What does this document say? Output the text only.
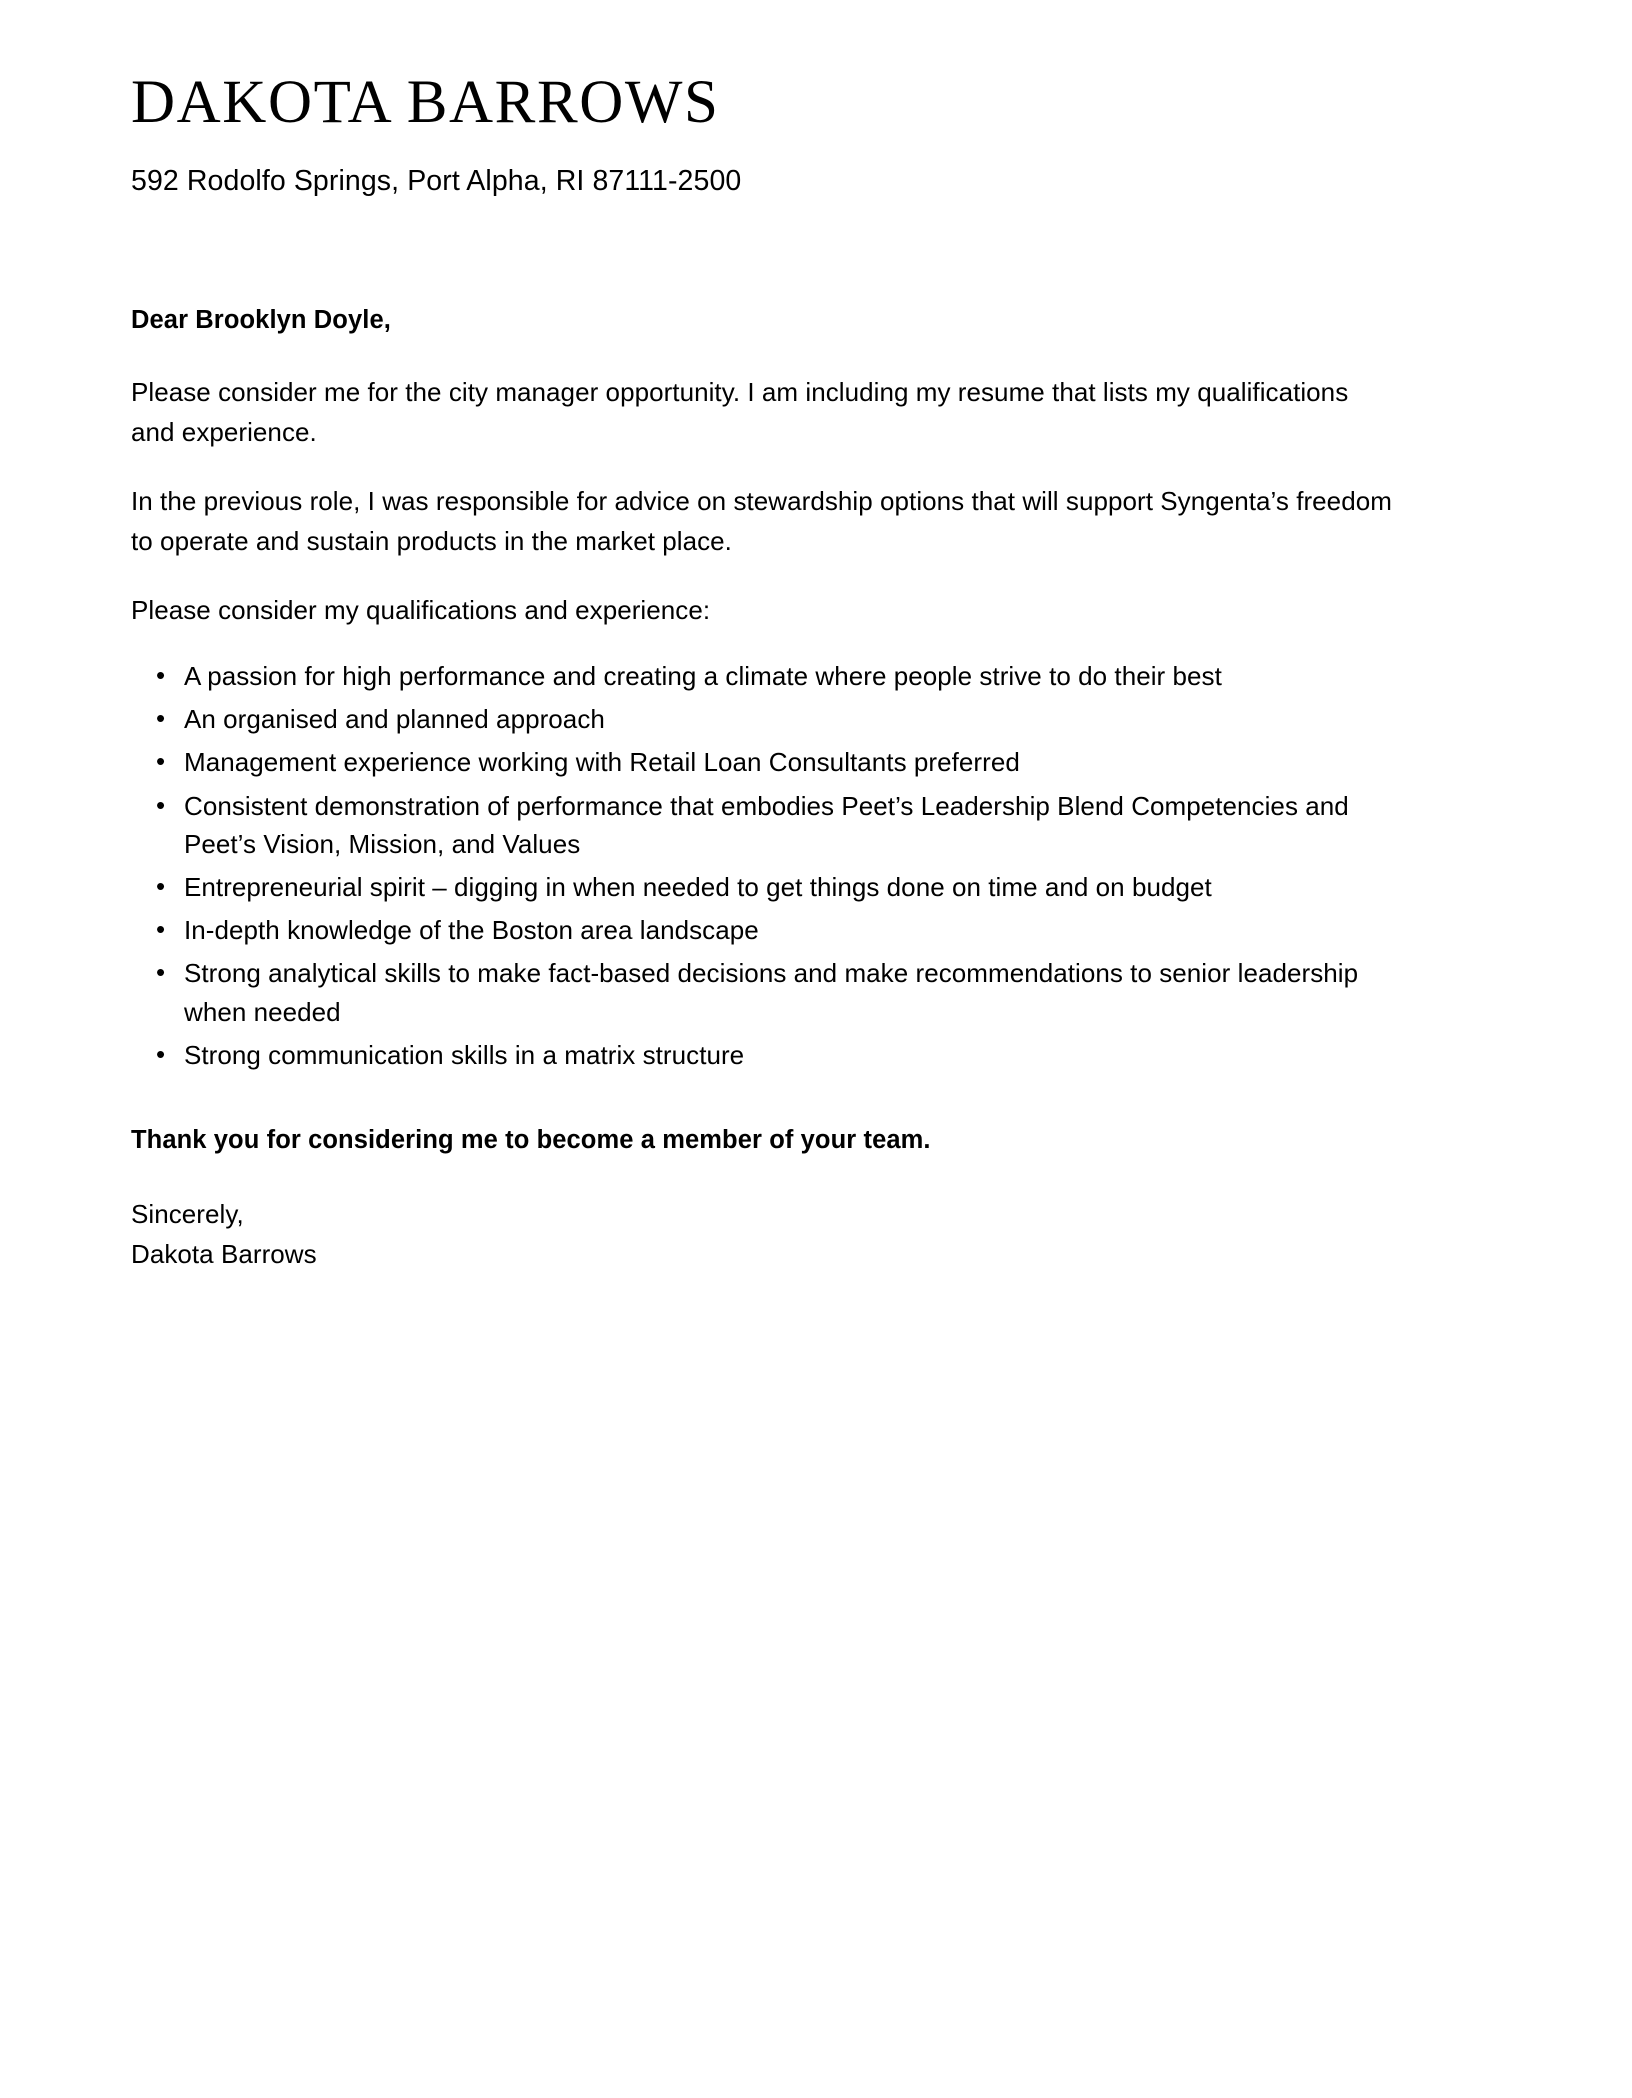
DAKOTA BARROWS
592 Rodolfo Springs, Port Alpha, RI 87111-2500

Dear Brooklyn Doyle,

Please consider me for the city manager opportunity. I am including my resume that lists my qualifications and experience.

In the previous role, I was responsible for advice on stewardship options that will support Syngenta’s freedom to operate and sustain products in the market place.

Please consider my qualifications and experience:

• A passion for high performance and creating a climate where people strive to do their best
• An organised and planned approach
• Management experience working with Retail Loan Consultants preferred
• Consistent demonstration of performance that embodies Peet’s Leadership Blend Competencies and Peet’s Vision, Mission, and Values
• Entrepreneurial spirit – digging in when needed to get things done on time and on budget
• In-depth knowledge of the Boston area landscape
• Strong analytical skills to make fact-based decisions and make recommendations to senior leadership when needed
• Strong communication skills in a matrix structure

Thank you for considering me to become a member of your team.

Sincerely,
Dakota Barrows
